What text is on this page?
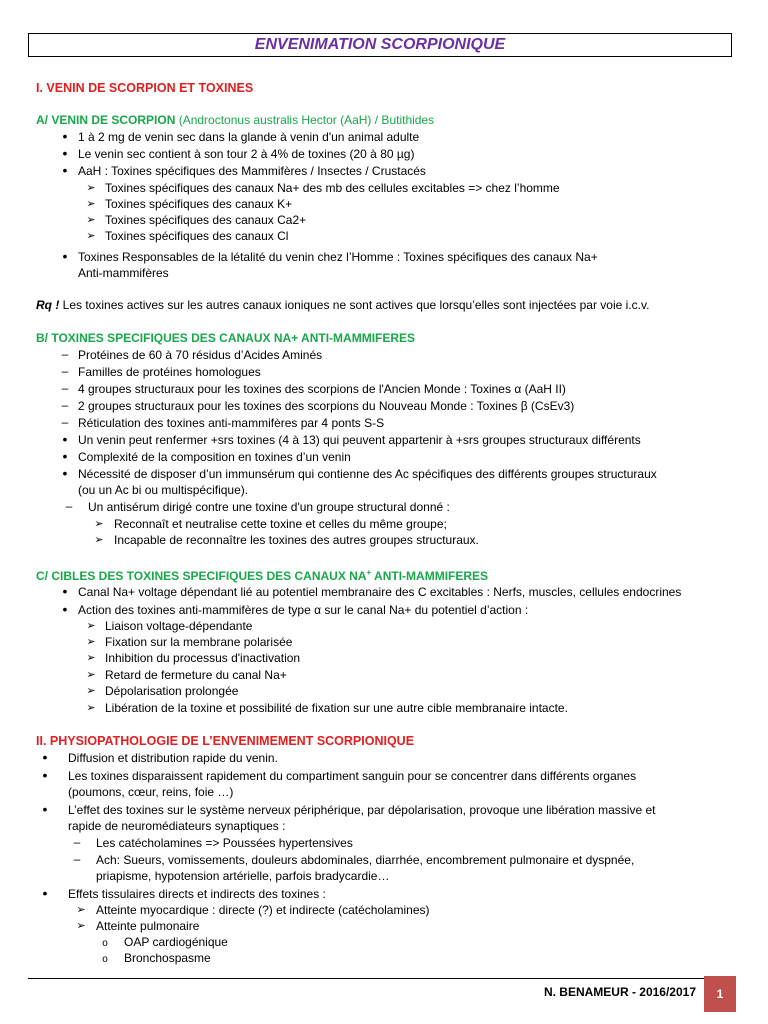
ENVENIMATION SCORPIONIQUE
I. VENIN DE SCORPION ET TOXINES
A/ VENIN DE SCORPION (Androctonus australis Hector (AaH) / Butithides
•
1 à 2 mg de venin sec dans la glande à venin d'un animal adulte
•
Le venin sec contient à son tour 2 à 4% de toxines (20 à 80 µg)
•
AaH : Toxines spécifiques des Mammifères / Insectes / Crustacés
➢
Toxines spécifiques des canaux Na+ des mb des cellules excitables => chez l’homme
➢
Toxines spécifiques des canaux K+
➢
Toxines spécifiques des canaux Ca2+
➢
Toxines spécifiques des canaux Cl
•
Toxines Responsables de la létalité du venin chez l’Homme : Toxines spécifiques des canaux Na+
Anti-mammifères
Rq ! Les toxines actives sur les autres canaux ioniques ne sont actives que lorsqu’elles sont injectées par voie i.c.v.
B/ TOXINES SPECIFIQUES DES CANAUX NA+ ANTI-MAMMIFERES
–
Protéines de 60 à 70 résidus d’Acides Aminés
–
Familles de protéines homologues
–
4 groupes structuraux pour les toxines des scorpions de l'Ancien Monde : Toxines α (AaH II)
–
2 groupes structuraux pour les toxines des scorpions du Nouveau Monde : Toxines β (CsEv3)
–
Réticulation des toxines anti-mammifères par 4 ponts S-S
•
Un venin peut renfermer +srs toxines (4 à 13) qui peuvent appartenir à +srs groupes structuraux différents
•
Complexité de la composition en toxines d’un venin
•
Nécessité de disposer d’un immunsérum qui contienne des Ac spécifiques des différents groupes structuraux
(ou un Ac bi ou multispécifique).
–
Un antisérum dirigé contre une toxine d'un groupe structural donné :
➢
Reconnaît et neutralise cette toxine et celles du même groupe;
➢
Incapable de reconnaître les toxines des autres groupes structuraux.
C/ CIBLES DES TOXINES SPECIFIQUES DES CANAUX NA+ ANTI-MAMMIFERES
•
Canal Na+ voltage dépendant lié au potentiel membranaire des C excitables : Nerfs, muscles, cellules endocrines
•
Action des toxines anti-mammifères de type α sur le canal Na+ du potentiel d’action :
➢
Liaison voltage-dépendante
➢
Fixation sur la membrane polarisée
➢
Inhibition du processus d'inactivation
➢
Retard de fermeture du canal Na+
➢
Dépolarisation prolongée
➢
Libération de la toxine et possibilité de fixation sur une autre cible membranaire intacte.
II. PHYSIOPATHOLOGIE DE L’ENVENIMEMENT SCORPIONIQUE
•
Diffusion et distribution rapide du venin.
•
Les toxines disparaissent rapidement du compartiment sanguin pour se concentrer dans différents organes
(poumons, cœur, reins, foie …)
•
L’effet des toxines sur le système nerveux périphérique, par dépolarisation, provoque une libération massive et
rapide de neuromédiateurs synaptiques :
–
Les catécholamines => Poussées hypertensives
–
Ach: Sueurs, vomissements, douleurs abdominales, diarrhée, encombrement pulmonaire et dyspnée,
priapisme, hypotension artérielle, parfois bradycardie…
•
Effets tissulaires directs et indirects des toxines :
➢
Atteinte myocardique : directe (?) et indirecte (catécholamines)
➢
Atteinte pulmonaire
o
OAP cardiogénique
o
Bronchospasme
N. BENAMEUR - 2016/2017	1
